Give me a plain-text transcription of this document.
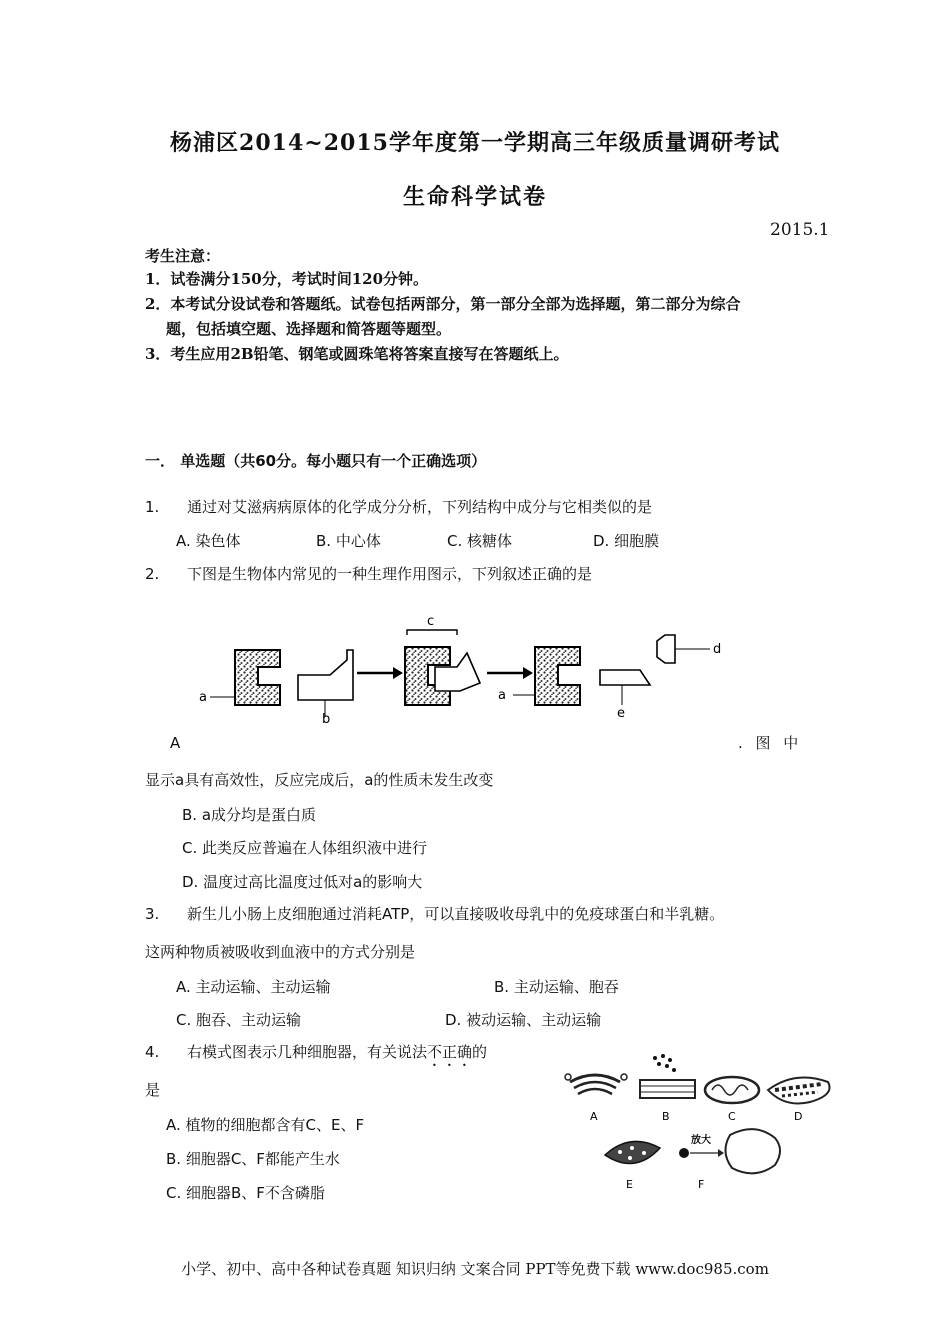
杨浦区2014~2015学年度第一学期高三年级质量调研考试
生命科学试卷
2015.1
考生注意：
1．试卷满分150分，考试时间120分钟。
2．本考试分设试卷和答题纸。试卷包括两部分，第一部分全部为选择题，第二部分为综合
题，包括填空题、选择题和简答题等题型。
3．考生应用2B铅笔、钢笔或圆珠笔将答案直接写在答题纸上。
一． 单选题（共60分。每小题只有一个正确选项）
1. 通过对艾滋病病原体的化学成分分析，下列结构中成分与它相类似的是
A. 染色体	B. 中心体	C. 核糖体	D. 细胞膜
2. 下图是生物体内常见的一种生理作用图示，下列叙述正确的是
a
b
c
a
e
d
A	. 图 中
显示a具有高效性，反应完成后，a的性质未发生改变
B. a成分均是蛋白质
C. 此类反应普遍在人体组织液中进行
D. 温度过高比温度过低对a的影响大
3. 新生儿小肠上皮细胞通过消耗ATP，可以直接吸收母乳中的免疫球蛋白和半乳糖。
这两种物质被吸收到血液中的方式分别是
A. 主动运输、主动运输	B. 主动运输、胞吞
C. 胞吞、主动运输	D. 被动运输、主动运输
4. 右模式图表示几种细胞器，有关说法不正确的
是
A. 植物的细胞都含有C、E、F
B. 细胞器C、F都能产生水
C. 细胞器B、F不含磷脂
A	B	C	D
E
放大
F
小学、初中、高中各种试卷真题 知识归纳 文案合同 PPT等免费下载 www.doc985.com
